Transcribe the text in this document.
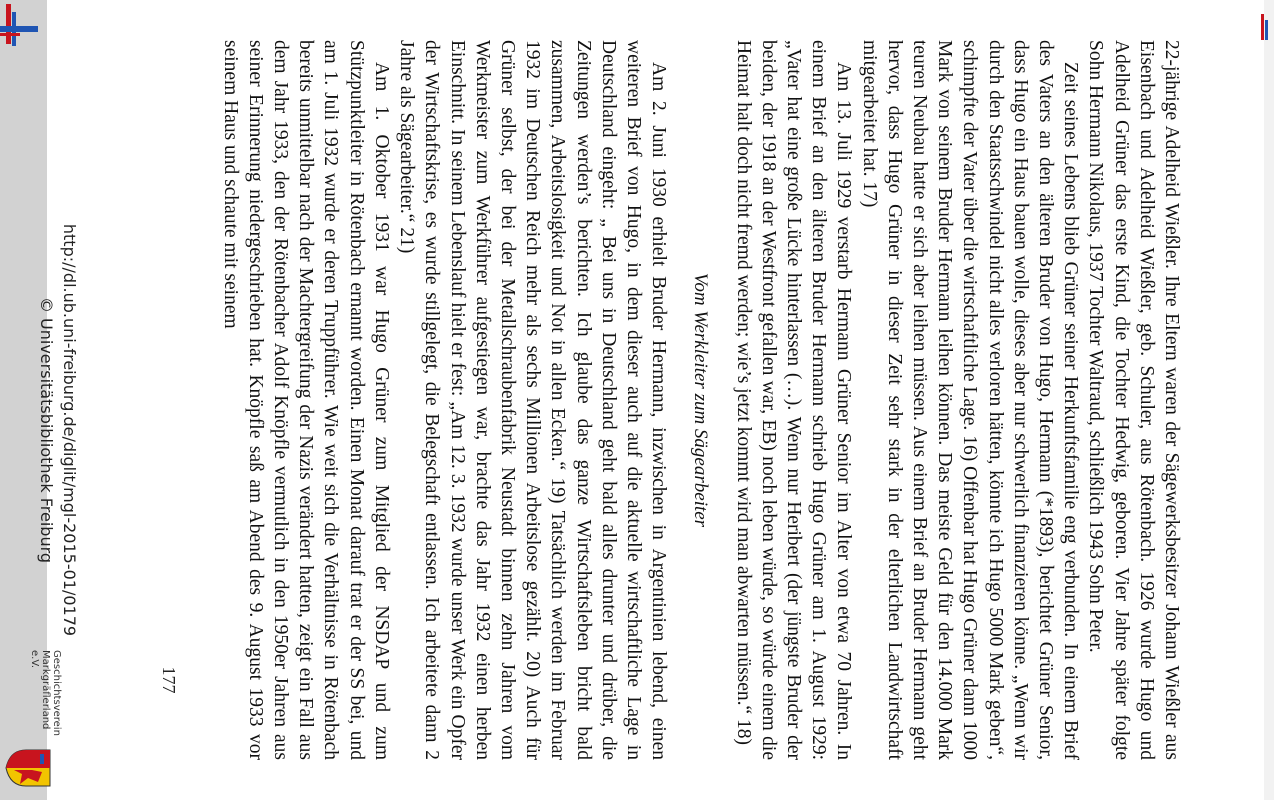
22-jährige Adelheid Wießler. Ihre Eltern waren der Sägewerksbesitzer Johann Wießler aus Eisenbach und Adelheid Wießler, geb. Schuler, aus Rötenbach. 1926 wurde Hugo und Adelheid Grüner das erste Kind, die Tochter Hedwig, geboren. Vier Jahre später folgte Sohn Hermann Nikolaus, 1937 Tochter Waltraud, schließlich 1943 Sohn Peter.

Zeit seines Lebens blieb Grüner seiner Herkunftsfamilie eng verbunden. In einem Brief des Vaters an den älteren Bruder von Hugo, Hermann (*1893), berichtet Grüner Senior, dass Hugo ein Haus bauen wolle, dieses aber nur schwerlich finanzieren könne. „Wenn wir durch den Staatsschwindel nicht alles verloren hätten, könnte ich Hugo 5000 Mark geben“, schimpfte der Vater über die wirtschaftliche Lage. 16) Offenbar hat Hugo Grüner dann 1000 Mark von seinem Bruder Hermann leihen können. Das meiste Geld für den 14.000 Mark teuren Neubau hatte er sich aber leihen müssen. Aus einem Brief an Bruder Hermann geht hervor, dass Hugo Grüner in dieser Zeit sehr stark in der elterlichen Landwirtschaft mitgearbeitet hat. 17)

Am 13. Juli 1929 verstarb Hermann Grüner Senior im Alter von etwa 70 Jahren. In einem Brief an den älteren Bruder Hermann schrieb Hugo Grüner am 1. August 1929: „Vater hat eine große Lücke hinterlassen (…). Wenn nur Heribert (der jüngste Bruder der beiden, der 1918 an der Westfront gefallen war, EB) noch leben würde, so würde einem die Heimat halt doch nicht fremd werden; wie’s jetzt kommt wird man abwarten müssen.“ 18)

Vom Werkleiter zum Sägearbeiter

Am 2. Juni 1930 erhielt Bruder Hermann, inzwischen in Argentinien lebend, einen weiteren Brief von Hugo, in dem dieser auch auf die aktuelle wirtschaftliche Lage in Deutschland eingeht: „ Bei uns in Deutschland geht bald alles drunter und drüber, die Zeitungen werden’s berichten. Ich glaube das ganze Wirtschaftsleben bricht bald zusammen, Arbeitslosigkeit und Not in allen Ecken.“ 19) Tatsächlich werden im Februar 1932 im Deutschen Reich mehr als sechs Millionen Arbeitslose gezählt. 20) Auch für Grüner selbst, der bei der Metallschraubenfabrik Neustadt binnen zehn Jahren vom Werkmeister zum Werkführer aufgestiegen war, brachte das Jahr 1932 einen herben Einschnitt. In seinem Lebenslauf hielt er fest: „Am 12. 3. 1932 wurde unser Werk ein Opfer der Wirtschaftskrise, es wurde stillgelegt, die Belegschaft entlassen. Ich arbeitete dann 2 Jahre als Sägearbeiter.“ 21)

Am 1. Oktober 1931 war Hugo Grüner zum Mitglied der NSDAP und zum Stützpunktleiter in Rötenbach ernannt worden. Einen Monat darauf trat er der SS bei, und am 1. Juli 1932 wurde er deren Truppführer. Wie weit sich die Verhältnisse in Rötenbach bereits unmittelbar nach der Machtergreifung der Nazis verändert hatten, zeigt ein Fall aus dem Jahr 1933, den der Rötenbacher Adolf Knöpfle vermutlich in den 1950er Jahren aus seiner Erinnerung niedergeschrieben hat. Knöpfle saß am Abend des 9. August 1933 vor seinem Haus und schaute mit seinem

177
http://dl.ub.uni-freiburg.de/diglit/mgl-2015-01/0179
© Universitätsbibliothek Freiburg
Geschichtsverein
Markgräflerland e.V.
